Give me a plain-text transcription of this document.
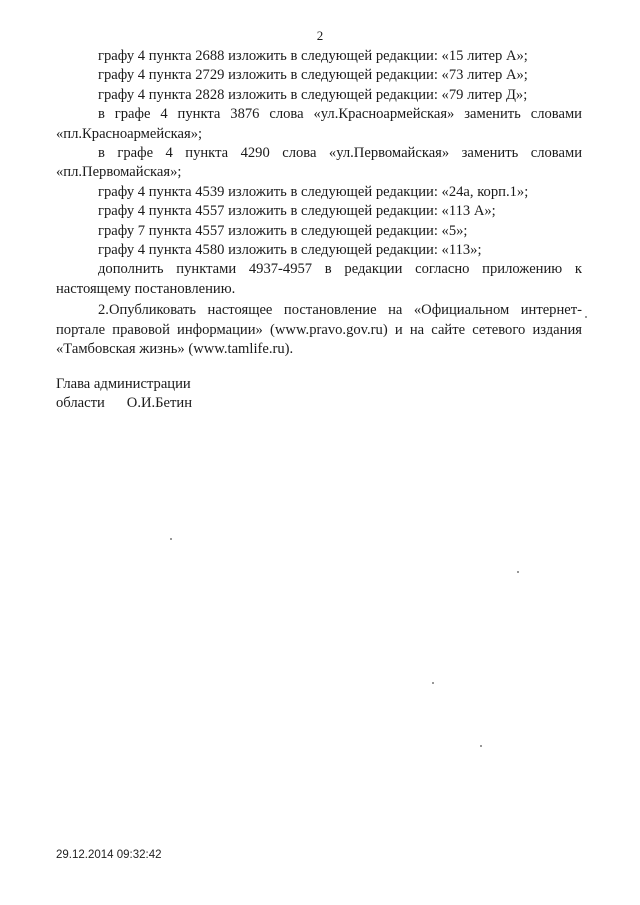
2

графу 4 пункта 2688 изложить в следующей редакции: «15 литер А»;

графу 4 пункта 2729 изложить в следующей редакции: «73 литер А»;

графу 4 пункта 2828 изложить в следующей редакции: «79 литер Д»;

в графе 4 пункта 3876 слова «ул.Красноармейская» заменить словами «пл.Красноармейская»;

в графе 4 пункта 4290 слова «ул.Первомайская» заменить словами «пл.Первомайская»;

графу 4 пункта 4539 изложить в следующей редакции: «24а, корп.1»;

графу 4 пункта 4557 изложить в следующей редакции: «113 А»;

графу 7 пункта 4557 изложить в следующей редакции: «5»;

графу 4 пункта 4580 изложить в следующей редакции: «113»;

дополнить пунктами 4937-4957 в редакции согласно приложению к настоящему постановлению.

2.Опубликовать настоящее постановление на «Официальном интернет-портале правовой информации» (www.pravo.gov.ru) и на сайте сетевого издания «Тамбовская жизнь» (www.tamlife.ru).

Глава администрации
области О.И.Бетин
29.12.2014 09:32:42
